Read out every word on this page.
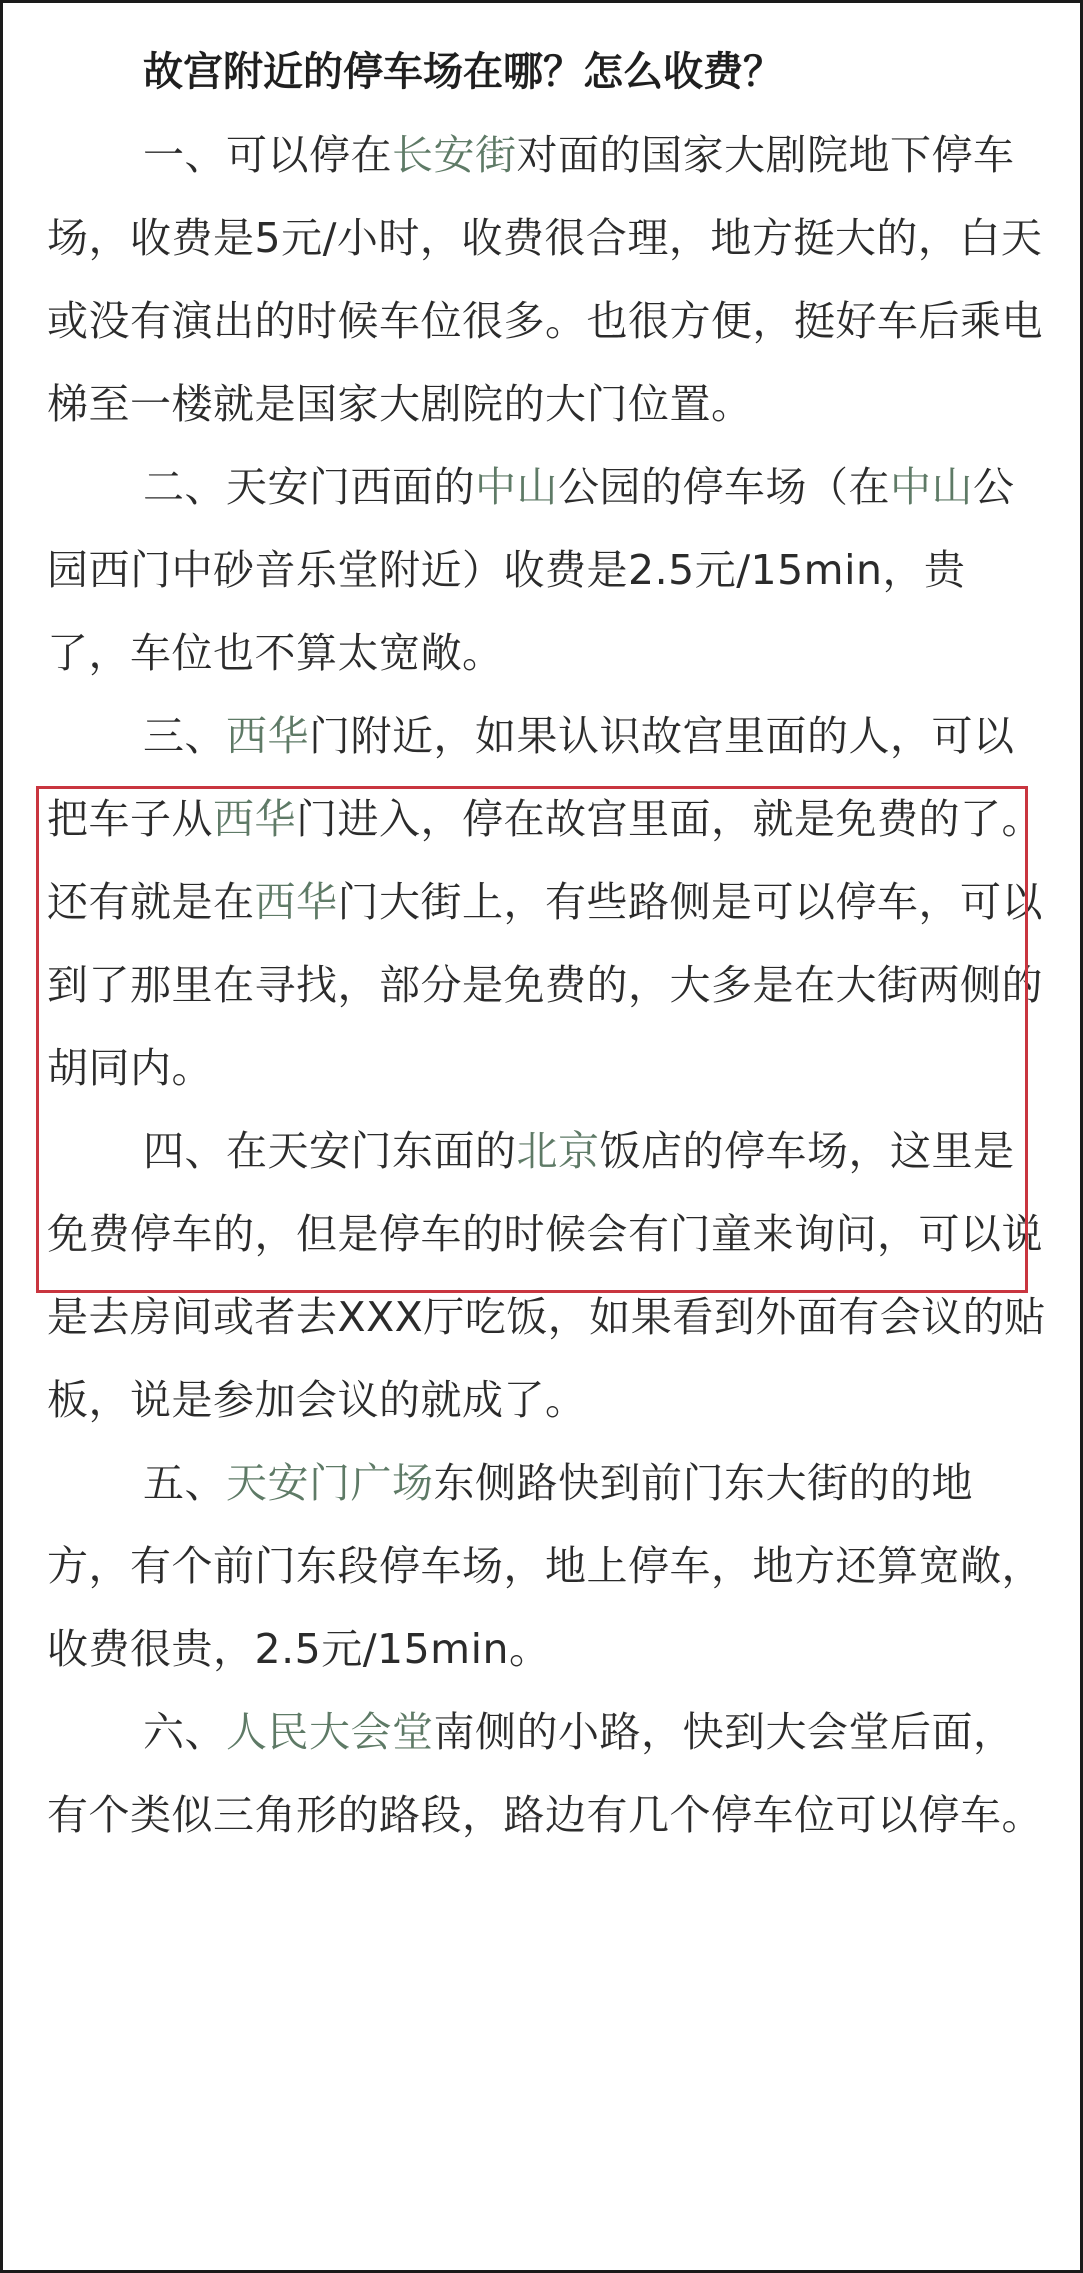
故宫附近的停车场在哪？怎么收费？

一、可以停在长安街对面的国家大剧院地下停车场，收费是5元/小时，收费很合理，地方挺大的，白天或没有演出的时候车位很多。也很方便，挺好车后乘电梯至一楼就是国家大剧院的大门位置。

二、天安门西面的中山公园的停车场（在中山公园西门中砂音乐堂附近）收费是2.5元/15min，贵了，车位也不算太宽敞。

三、西华门附近，如果认识故宫里面的人，可以把车子从西华门进入，停在故宫里面，就是免费的了。还有就是在西华门大街上，有些路侧是可以停车，可以到了那里在寻找，部分是免费的，大多是在大街两侧的胡同内。

四、在天安门东面的北京饭店的停车场，这里是免费停车的，但是停车的时候会有门童来询问，可以说是去房间或者去XXX厅吃饭，如果看到外面有会议的贴板，说是参加会议的就成了。

五、天安门广场东侧路快到前门东大街的的地方，有个前门东段停车场，地上停车，地方还算宽敞，收费很贵，2.5元/15min。

六、人民大会堂南侧的小路，快到大会堂后面，有个类似三角形的路段，路边有几个停车位可以停车。
